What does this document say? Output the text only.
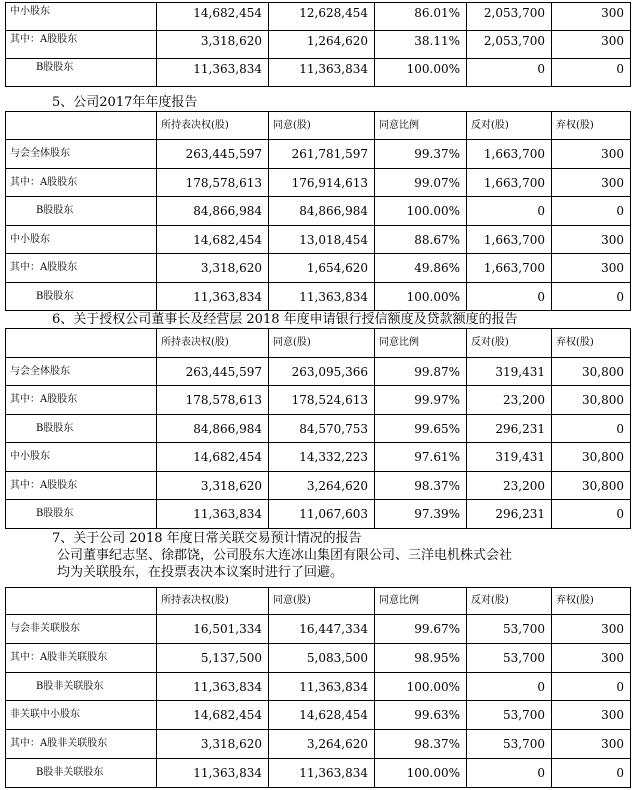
中小股东	14,682,454	12,628,454	86.01%	2,053,700	300
其中：A股股东	3,318,620	1,264,620	38.11%	2,053,700	300
B股股东	11,363,834	11,363,834	100.00%	0	0
5、公司2017年年度报告
	所持表决权(股)	同意(股)	同意比例	反对(股)	弃权(股)
与会全体股东	263,445,597	261,781,597	99.37%	1,663,700	300
其中：A股股东	178,578,613	176,914,613	99.07%	1,663,700	300
B股股东	84,866,984	84,866,984	100.00%	0	0
中小股东	14,682,454	13,018,454	88.67%	1,663,700	300
其中：A股股东	3,318,620	1,654,620	49.86%	1,663,700	300
B股股东	11,363,834	11,363,834	100.00%	0	0
6、关于授权公司董事长及经营层 2018 年度申请银行授信额度及贷款额度的报告
	所持表决权(股)	同意(股)	同意比例	反对(股)	弃权(股)
与会全体股东	263,445,597	263,095,366	99.87%	319,431	30,800
其中：A股股东	178,578,613	178,524,613	99.97%	23,200	30,800
B股股东	84,866,984	84,570,753	99.65%	296,231	0
中小股东	14,682,454	14,332,223	97.61%	319,431	30,800
其中：A股股东	3,318,620	3,264,620	98.37%	23,200	30,800
B股股东	11,363,834	11,067,603	97.39%	296,231	0
7、关于公司 2018 年度日常关联交易预计情况的报告
公司董事纪志坚、徐郡饶，公司股东大连冰山集团有限公司、三洋电机株式会社
均为关联股东，在投票表决本议案时进行了回避。
	所持表决权(股)	同意(股)	同意比例	反对(股)	弃权(股)
与会非关联股东	16,501,334	16,447,334	99.67%	53,700	300
其中：A股非关联股东	5,137,500	5,083,500	98.95%	53,700	300
B股非关联股东	11,363,834	11,363,834	100.00%	0	0
非关联中小股东	14,682,454	14,628,454	99.63%	53,700	300
其中：A股非关联股东	3,318,620	3,264,620	98.37%	53,700	300
B股非关联股东	11,363,834	11,363,834	100.00%	0	0
